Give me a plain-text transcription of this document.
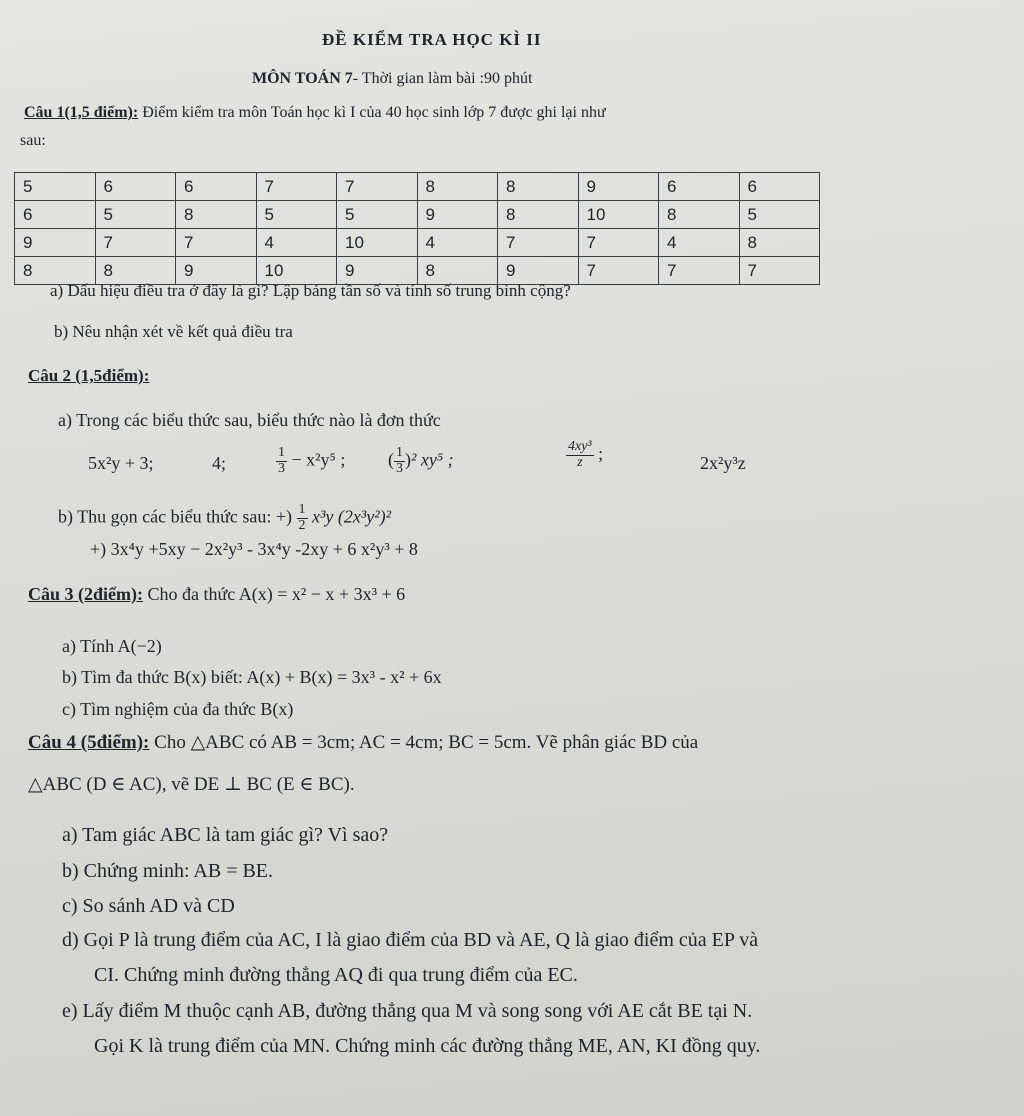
ĐỀ KIỂM TRA HỌC KÌ II
MÔN TOÁN 7- Thời gian làm bài :90 phút
Câu 1(1,5 điểm): Điểm kiểm tra môn Toán học kì I của 40 học sinh lớp 7 được ghi lại như
sau:
5	6	6	7	7	8	8	9	6	6
6	5	8	5	5	9	8	10	8	5
9	7	7	4	10	4	7	7	4	8
8	8	9	10	9	8	9	7	7	7
a) Dấu hiệu điều tra ở đây là gì? Lập bảng tần số và tính số trung bình cộng?
b) Nêu nhận xét về kết quả điều tra
Câu 2 (1,5điểm):
a) Trong các biểu thức sau, biểu thức nào là đơn thức
5x²y + 3;	4;	$\frac{1}{3} - x^2y^5$ ; ( $\frac{1}{3} )^2$ xy⁵ ;	$\frac{\text{4xy³}}{z}$ ;	2x²y³z
b) Thu gọn các biểu thức sau: +) $\frac{1}{2} x^3y$ (2x³y²)²
+) 3x⁴y +5xy − 2x²y³ - 3x⁴y -2xy + 6 x²y³ + 8
Câu 3 (2điểm): Cho đa thức A(x) = x² − x + 3x³ + 6
a) Tính A(−2)
b) Tìm đa thức B(x) biết: A(x) + B(x) = 3x³ - x² + 6x
c) Tìm nghiệm của đa thức B(x)
Câu 4 (5điểm): Cho △ABC có AB = 3cm; AC = 4cm; BC = 5cm. Vẽ phân giác BD của
△ABC (D ∈ AC), vẽ DE ⊥ BC (E ∈ BC).
a) Tam giác ABC là tam giác gì? Vì sao?
b) Chứng minh: AB = BE.
c) So sánh AD và CD
d) Gọi P là trung điểm của AC, I là giao điểm của BD và AE, Q là giao điểm của EP và
CI. Chứng minh đường thẳng AQ đi qua trung điểm của EC.
e) Lấy điểm M thuộc cạnh AB, đường thẳng qua M và song song với AE cắt BE tại N.
Gọi K là trung điểm của MN. Chứng minh các đường thẳng ME, AN, KI đồng quy.
